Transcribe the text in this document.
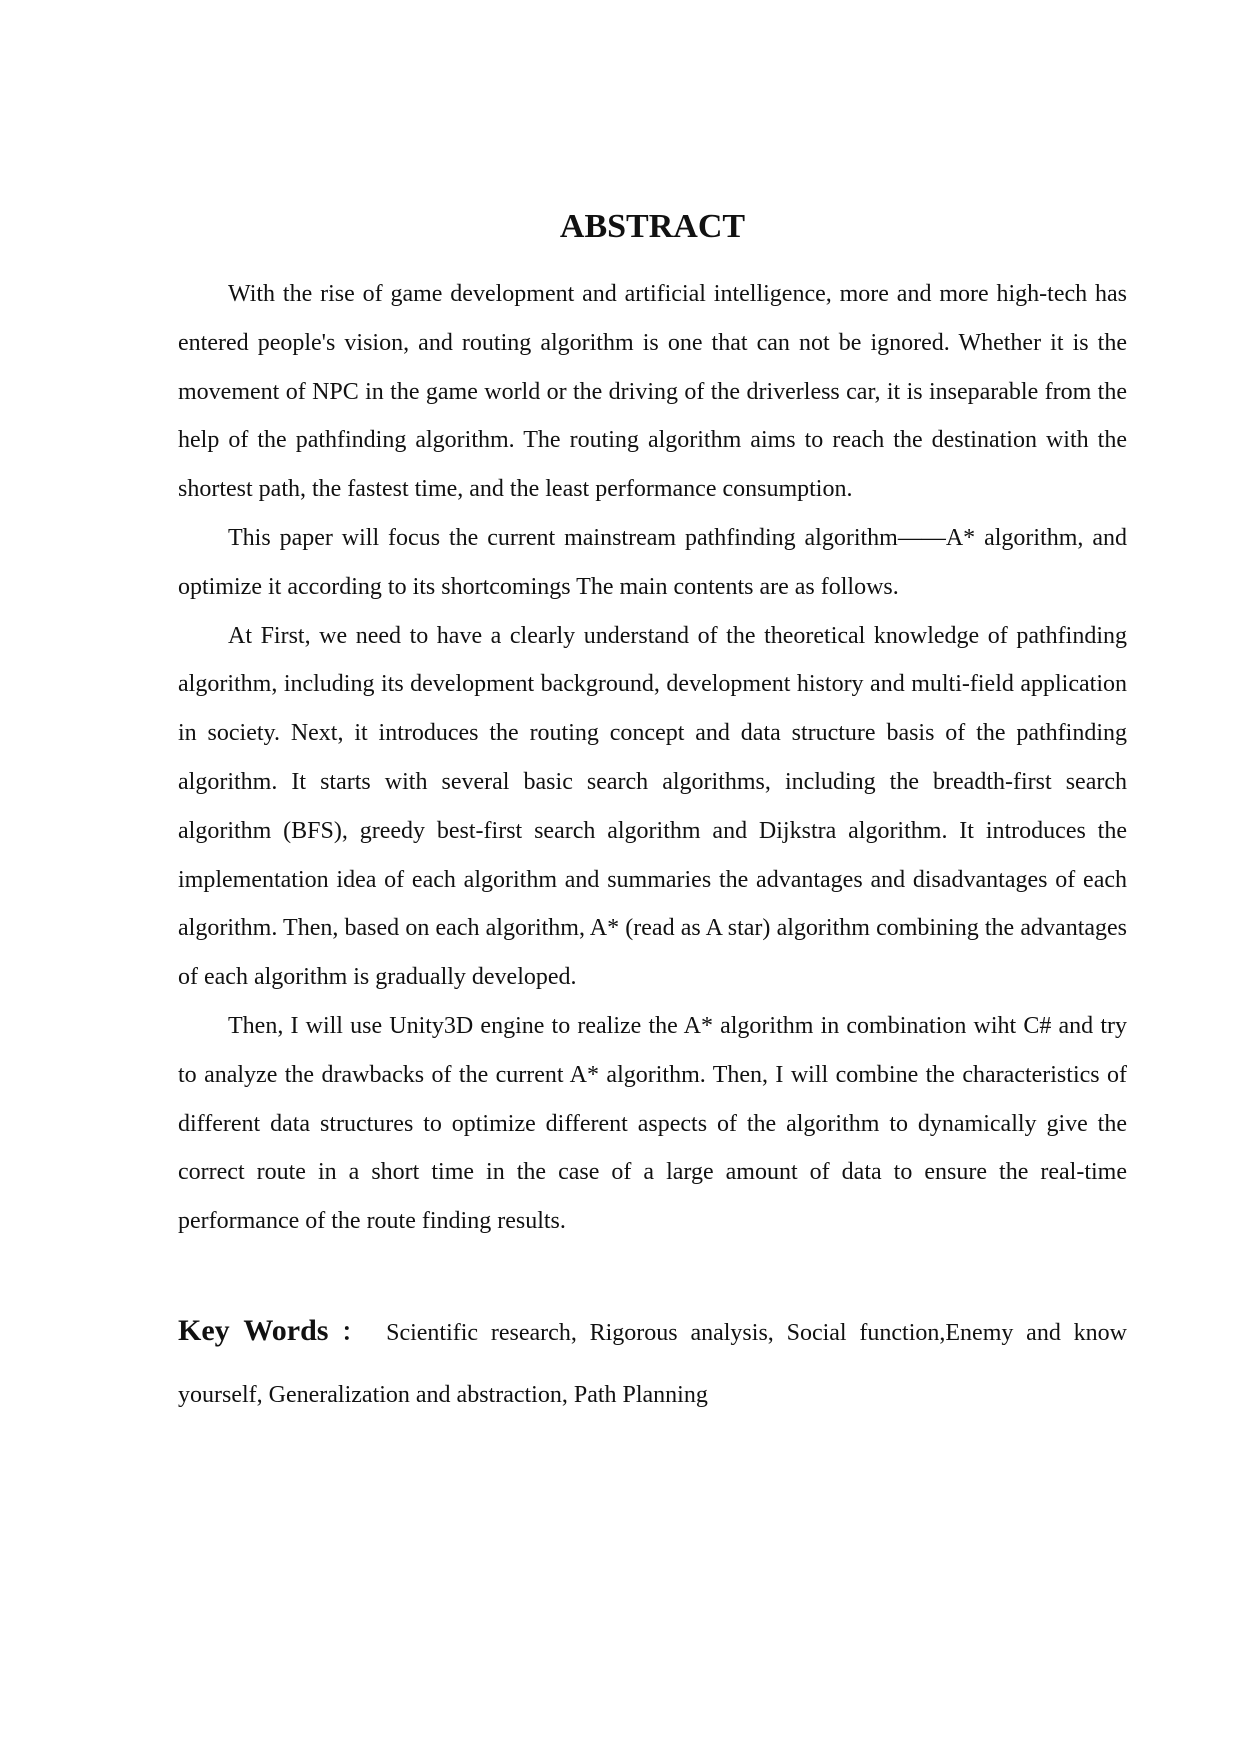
ABSTRACT

With the rise of game development and artificial intelligence, more and more high-tech has entered people's vision, and routing algorithm is one that can not be ignored. Whether it is the movement of NPC in the game world or the driving of the driverless car, it is inseparable from the help of the pathfinding algorithm. The routing algorithm aims to reach the destination with the shortest path, the fastest time, and the least performance consumption.

This paper will focus the current mainstream pathfinding algorithm——A* algorithm, and optimize it according to its shortcomings The main contents are as follows.

At First, we need to have a clearly understand of the theoretical knowledge of pathfinding algorithm, including its development background, development history and multi-field application in society. Next, it introduces the routing concept and data structure basis of the pathfinding algorithm. It starts with several basic search algorithms, including the breadth-first search algorithm (BFS), greedy best-first search algorithm and Dijkstra algorithm. It introduces the implementation idea of each algorithm and summaries the advantages and disadvantages of each algorithm. Then, based on each algorithm, A* (read as A star) algorithm combining the advantages of each algorithm is gradually developed.

Then, I will use Unity3D engine to realize the A* algorithm in combination wiht C# and try to analyze the drawbacks of the current A* algorithm. Then, I will combine the characteristics of different data structures to optimize different aspects of the algorithm to dynamically give the correct route in a short time in the case of a large amount of data to ensure the real-time performance of the route finding results.

Key Words ： Scientific research, Rigorous analysis, Social function,Enemy and know yourself, Generalization and abstraction, Path Planning
